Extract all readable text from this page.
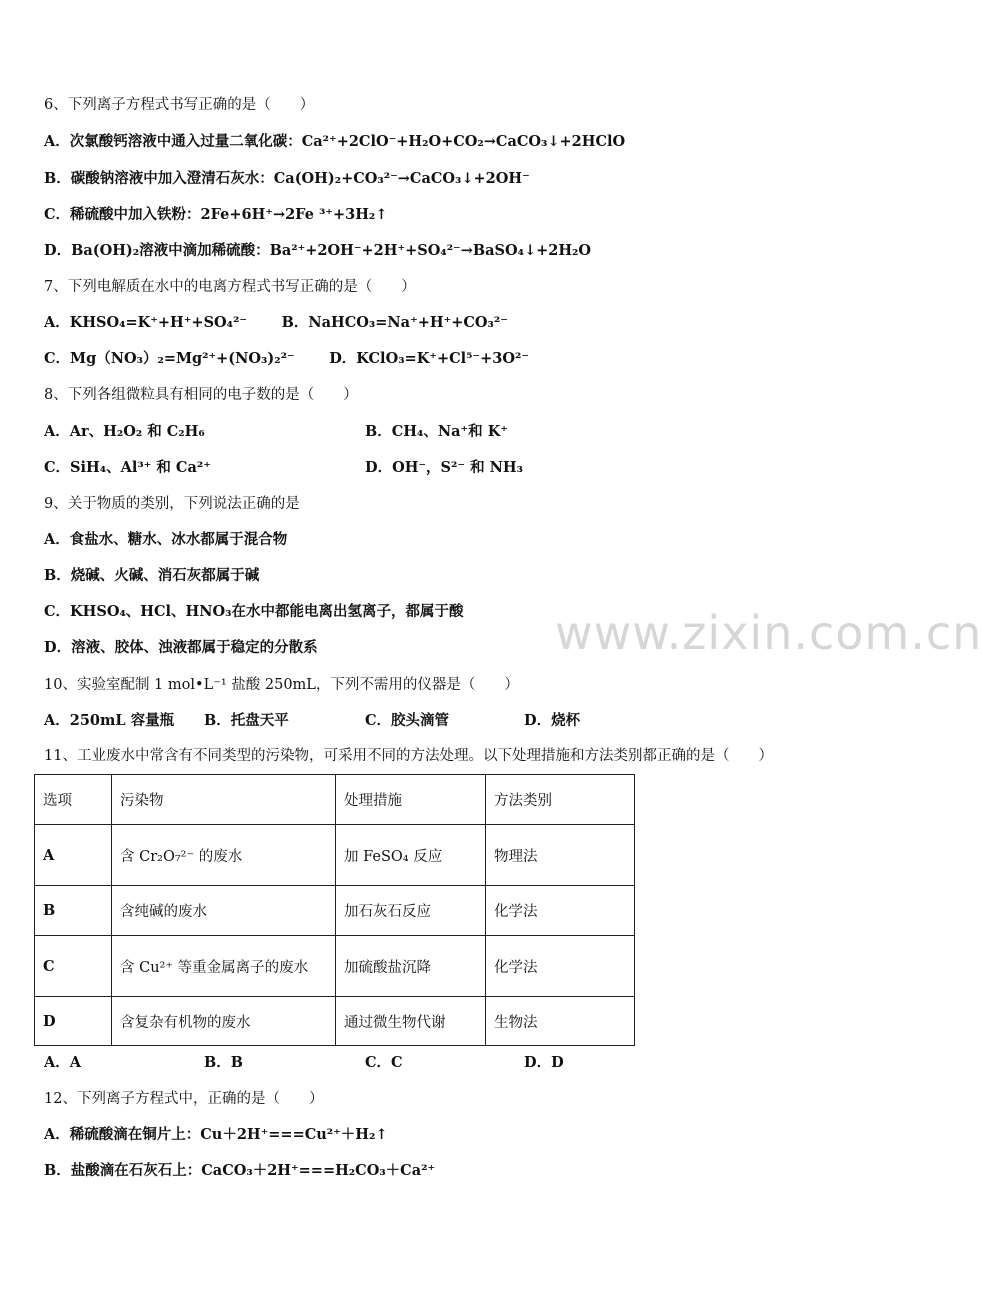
www.zixin.com.cn
6、下列离子方程式书写正确的是（　　）
A．次氯酸钙溶液中通入过量二氧化碳：Ca²⁺+2ClO⁻+H₂O+CO₂→CaCO₃↓+2HClO
B．碳酸钠溶液中加入澄清石灰水：Ca(OH)₂+CO₃²⁻→CaCO₃↓+2OH⁻
C．稀硫酸中加入铁粉：2Fe+6H⁺→2Fe ³⁺+3H₂↑
D．Ba(OH)₂溶液中滴加稀硫酸：Ba²⁺+2OH⁻+2H⁺+SO₄²⁻→BaSO₄↓+2H₂O
7、下列电解质在水中的电离方程式书写正确的是（　　）
A．KHSO₄=K⁺+H⁺+SO₄²⁻ B．NaHCO₃=Na⁺+H⁺+CO₃²⁻
C．Mg（NO₃）₂=Mg²⁺+(NO₃)₂²⁻ D．KClO₃=K⁺+Cl⁵⁻+3O²⁻
8、下列各组微粒具有相同的电子数的是（　　）
A．Ar、H₂O₂ 和 C₂H₆	B．CH₄、Na⁺和 K⁺
C．SiH₄、Al³⁺ 和 Ca²⁺	D．OH⁻，S²⁻ 和 NH₃
9、关于物质的类别，下列说法正确的是
A．食盐水、糖水、冰水都属于混合物
B．烧碱、火碱、消石灰都属于碱
C．KHSO₄、HCl、HNO₃在水中都能电离出氢离子，都属于酸
D．溶液、胶体、浊液都属于稳定的分散系
10、实验室配制 1 mol•L⁻¹ 盐酸 250mL，下列不需用的仪器是（　　）
A．250mL 容量瓶 B．托盘天平	C．胶头滴管	D．烧杯
11、工业废水中常含有不同类型的污染物，可采用不同的方法处理。以下处理措施和方法类别都正确的是（　　）
选项	污染物	处理措施	方法类别
A	含 Cr₂O₇²⁻ 的废水	加 FeSO₄ 反应	物理法
B	含纯碱的废水	加石灰石反应	化学法
C	含 Cu²⁺ 等重金属离子的废水	加硫酸盐沉降	化学法
D	含复杂有机物的废水	通过微生物代谢	生物法
A．A	B．B	C．C	D．D
12、下列离子方程式中，正确的是（　　）
A．稀硫酸滴在铜片上：Cu＋2H⁺===Cu²⁺＋H₂↑
B．盐酸滴在石灰石上：CaCO₃＋2H⁺===H₂CO₃＋Ca²⁺
